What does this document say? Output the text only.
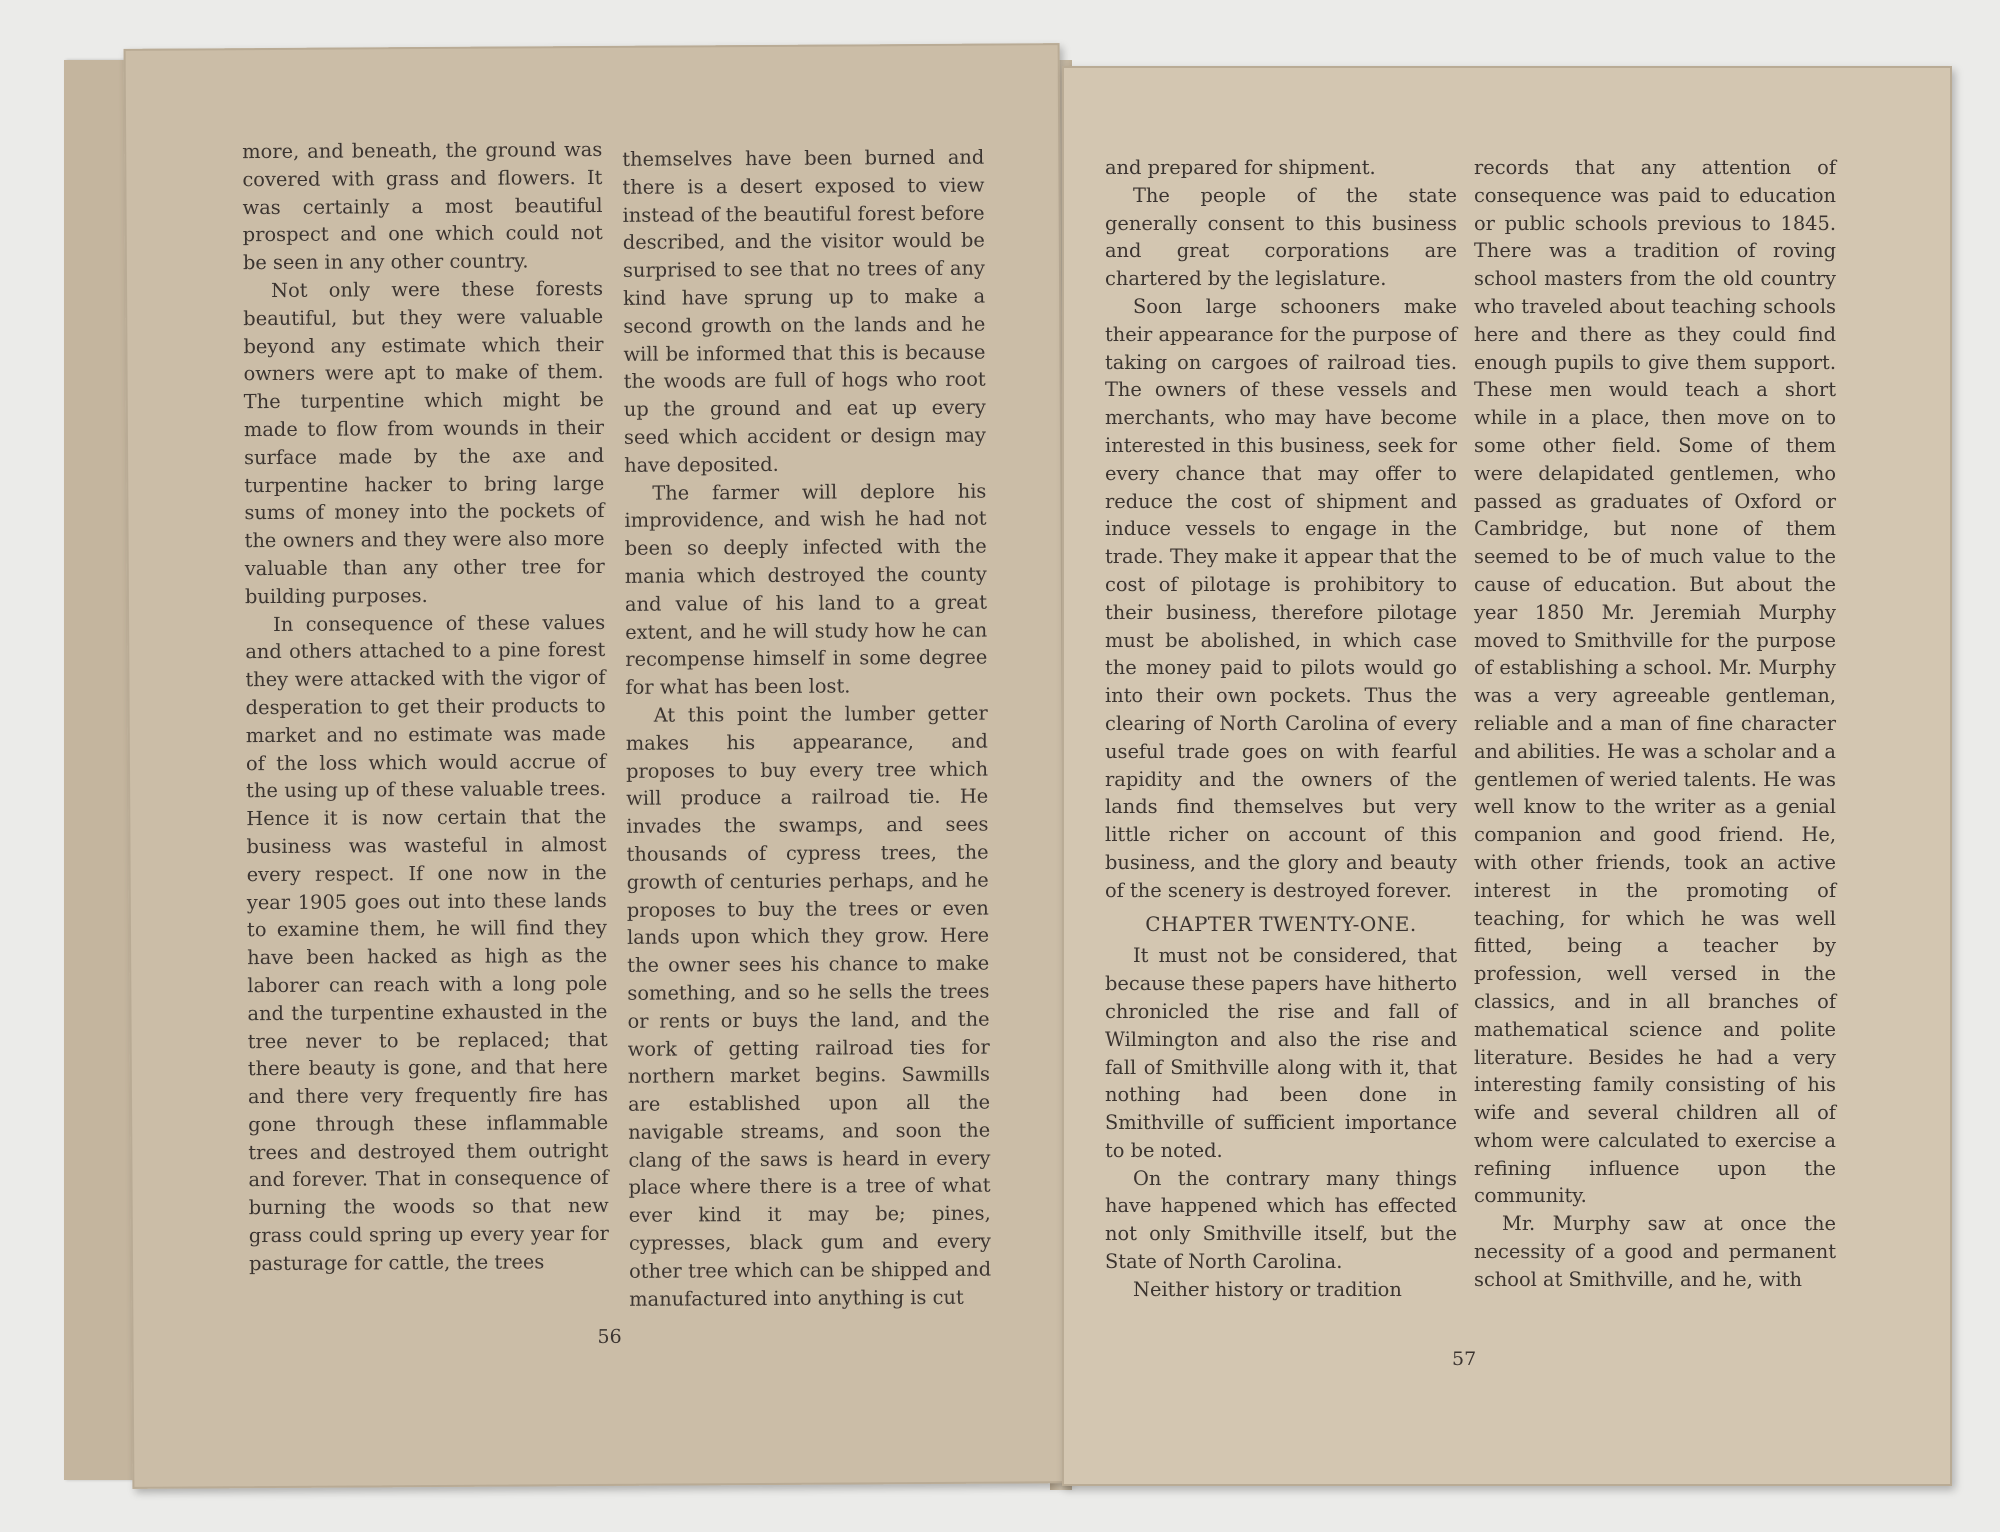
more, and beneath, the ground was covered with grass and flowers. It was certainly a most beautiful prospect and one which could not be seen in any other country.

Not only were these forests beautiful, but they were valuable beyond any estimate which their owners were apt to make of them. The turpentine which might be made to flow from wounds in their surface made by the axe and turpentine hacker to bring large sums of money into the pockets of the owners and they were also more valuable than any other tree for building purposes.

In consequence of these values and others attached to a pine forest they were attacked with the vigor of desperation to get their products to market and no estimate was made of the loss which would accrue of the using up of these valuable trees. Hence it is now certain that the business was wasteful in almost every respect. If one now in the year 1905 goes out into these lands to examine them, he will find they have been hacked as high as the laborer can reach with a long pole and the turpentine exhausted in the tree never to be replaced; that there beauty is gone, and that here and there very frequently fire has gone through these inflammable trees and destroyed them outright and forever. That in consequence of burning the woods so that new grass could spring up every year for pasturage for cattle, the trees

themselves have been burned and there is a desert exposed to view instead of the beautiful forest before described, and the visitor would be surprised to see that no trees of any kind have sprung up to make a second growth on the lands and he will be informed that this is because the woods are full of hogs who root up the ground and eat up every seed which accident or design may have deposited.

The farmer will deplore his improvidence, and wish he had not been so deeply infected with the mania which destroyed the county and value of his land to a great extent, and he will study how he can recompense himself in some degree for what has been lost.

At this point the lumber getter makes his appearance, and proposes to buy every tree which will produce a railroad tie. He invades the swamps, and sees thousands of cypress trees, the growth of centuries perhaps, and he proposes to buy the trees or even lands upon which they grow. Here the owner sees his chance to make something, and so he sells the trees or rents or buys the land, and the work of getting railroad ties for northern market begins. Sawmills are established upon all the navigable streams, and soon the clang of the saws is heard in every place where there is a tree of what ever kind it may be; pines, cypresses, black gum and every other tree which can be shipped and manufactured into anything is cut

56

and prepared for shipment.

The people of the state generally consent to this business and great corporations are chartered by the legislature.

Soon large schooners make their appearance for the purpose of taking on cargoes of railroad ties. The owners of these vessels and merchants, who may have become interested in this business, seek for every chance that may offer to reduce the cost of shipment and induce vessels to engage in the trade. They make it appear that the cost of pilotage is prohibitory to their business, therefore pilotage must be abolished, in which case the money paid to pilots would go into their own pockets. Thus the clearing of North Carolina of every useful trade goes on with fearful rapidity and the owners of the lands find themselves but very little richer on account of this business, and the glory and beauty of the scenery is destroyed forever.

CHAPTER TWENTY-ONE.

It must not be considered, that because these papers have hitherto chronicled the rise and fall of Wilmington and also the rise and fall of Smithville along with it, that nothing had been done in Smithville of sufficient importance to be noted.

On the contrary many things have happened which has effected not only Smithville itself, but the State of North Carolina.

Neither history or tradition

records that any attention of consequence was paid to education or public schools previous to 1845. There was a tradition of roving school masters from the old country who traveled about teaching schools here and there as they could find enough pupils to give them support. These men would teach a short while in a place, then move on to some other field. Some of them were delapidated gentlemen, who passed as graduates of Oxford or Cambridge, but none of them seemed to be of much value to the cause of education. But about the year 1850 Mr. Jeremiah Murphy moved to Smithville for the purpose of establishing a school. Mr. Murphy was a very agreeable gentleman, reliable and a man of fine character and abilities. He was a scholar and a gentlemen of weried talents. He was well know to the writer as a genial companion and good friend. He, with other friends, took an active interest in the promoting of teaching, for which he was well fitted, being a teacher by profession, well versed in the classics, and in all branches of mathematical science and polite literature. Besides he had a very interesting family consisting of his wife and several children all of whom were calculated to exercise a refining influence upon the community.

Mr. Murphy saw at once the necessity of a good and permanent school at Smithville, and he, with

57
